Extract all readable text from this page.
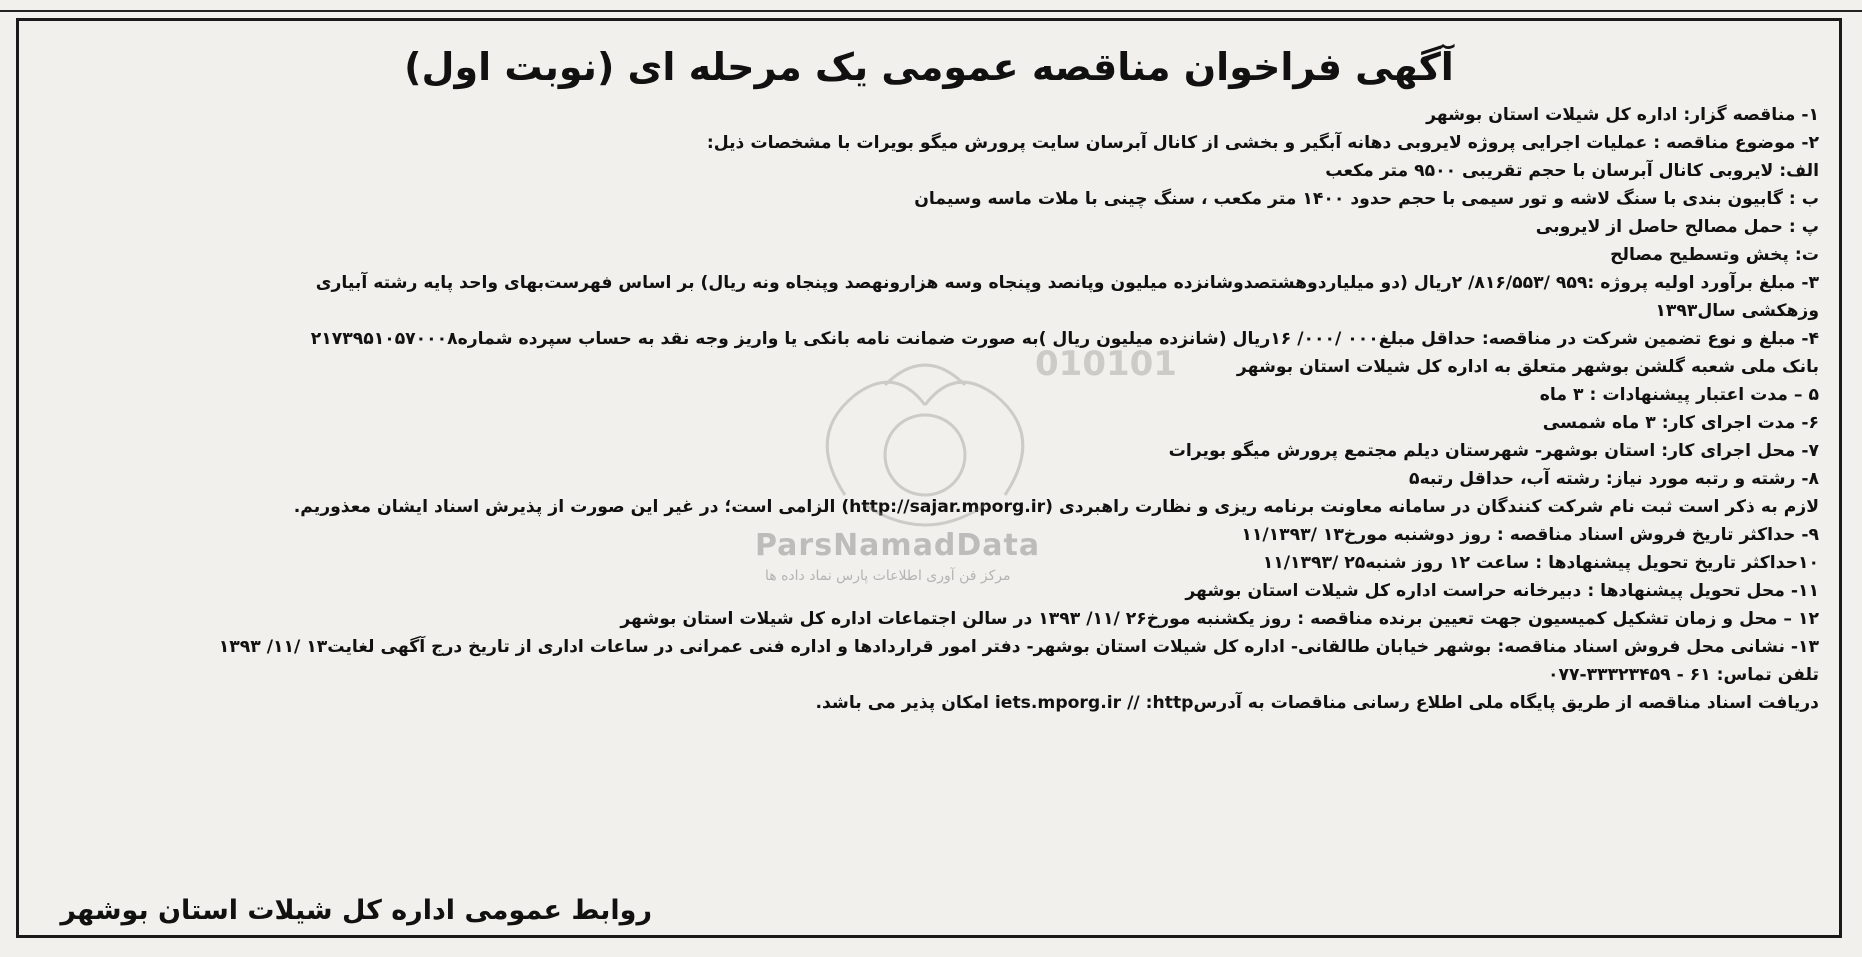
آگهی فراخوان مناقصه عمومی یک مرحله ای (نوبت اول)
۱- مناقصه گزار: اداره کل شیلات استان بوشهر
۲- موضوع مناقصه : عملیات اجرایی پروژه لایروبی دهانه آبگیر و بخشی از کانال آبرسان سایت پرورش میگو بویرات با مشخصات ذیل:
الف: لایروبی کانال آبرسان با حجم تقریبی ۹۵۰۰ متر مکعب
ب : گابیون بندی با سنگ لاشه و تور سیمی با حجم حدود ۱۴۰۰ متر مکعب ، سنگ چینی با ملات ماسه وسیمان
پ : حمل مصالح حاصل از لایروبی
ت: پخش وتسطیح مصالح
۳- مبلغ برآورد اولیه پروژه :۹۵۹ /۸۱۶/۵۵۳/ ۲ریال (دو میلیاردوهشتصدوشانزده میلیون وپانصد وپنجاه وسه هزارونهصد وپنجاه ونه ریال) بر اساس فهرست‌بهای واحد پایه رشته آبیاری
وزهکشی سال۱۳۹۳
۴- مبلغ و نوع تضمین شرکت در مناقصه: حداقل مبلغ۰۰۰ /۰۰۰/ ۱۶ریال (شانزده میلیون ریال )به صورت ضمانت نامه بانکی یا واریز وجه نقد به حساب سپرده شماره۲۱۷۳۹۵۱۰۵۷۰۰۰۸
بانک ملی شعبه گلشن بوشهر متعلق به اداره کل شیلات استان بوشهر
۵ – مدت اعتبار پیشنهادات : ۳ ماه
۶- مدت اجرای کار: ۳ ماه شمسی
۷- محل اجرای کار: استان بوشهر- شهرستان دیلم مجتمع پرورش میگو بویرات
۸- رشته و رتبه مورد نیاز: رشته آب، حداقل رتبه۵
لازم به ذکر است ثبت نام شرکت کنندگان در سامانه معاونت برنامه ریزی و نظارت راهبردی (http://sajar.mporg.ir) الزامی است؛ در غیر این صورت از پذیرش اسناد ایشان معذوریم.
۹- حداکثر تاریخ فروش اسناد مناقصه : روز دوشنبه مورخ۱۳ /۱۱/۱۳۹۳
۱۰حداکثر تاریخ تحویل پیشنهادها : ساعت ۱۲ روز شنبه۲۵ /۱۱/۱۳۹۳
۱۱- محل تحویل پیشنهادها : دبیرخانه حراست اداره کل شیلات استان بوشهر
۱۲ – محل و زمان تشکیل کمیسیون جهت تعیین برنده مناقصه : روز یکشنبه مورخ۲۶ /۱۱/ ۱۳۹۳ در سالن اجتماعات اداره کل شیلات استان بوشهر
۱۳- نشانی محل فروش اسناد مناقصه: بوشهر خیابان طالقانی- اداره کل شیلات استان بوشهر- دفتر امور قراردادها و اداره فنی عمرانی در ساعات اداری از تاریخ درج آگهی لغایت۱۳ /۱۱/ ۱۳۹۳
تلفن تماس: ۶۱ - ۳۳۳۲۳۴۵۹-۰۷۷
دریافت اسناد مناقصه از طریق پایگاه ملی اطلاع رسانی مناقصات به آدرسiets.mporg.ir // :http امکان پذیر می باشد.
010101
ParsNamadData
مرکز فن آوری اطلاعات پارس نماد داده ها
روابط عمومی اداره کل شیلات استان بوشهر
